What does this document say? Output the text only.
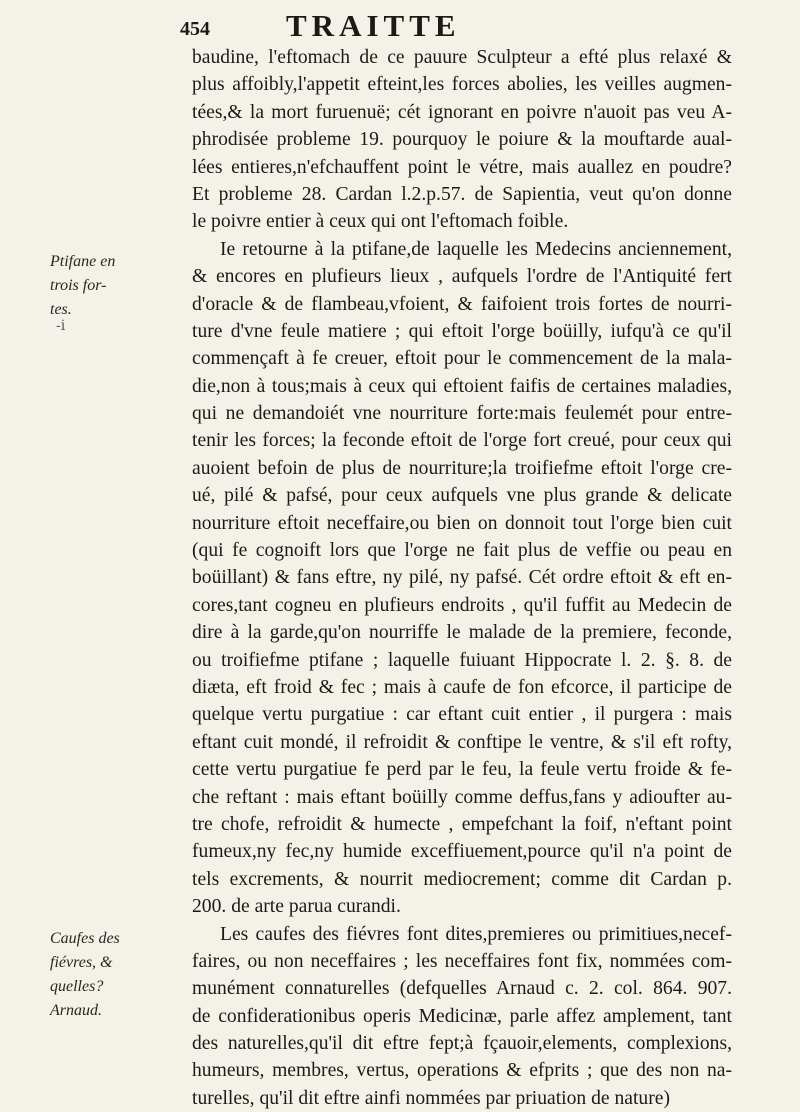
454 TRAITTE
-i
Ptifane en
trois for-
tes.
Caufes des
fiévres, &
quelles?
Arnaud.
baudine, l'eftomach de ce pauure Sculpteur a efté plus relaxé &
plus affoibly,l'appetit efteint,les forces abolies, les veilles augmen-
tées,& la mort furuenuë; cét ignorant en poivre n'auoit pas veu A-
phrodisée probleme 19. pourquoy le poiure & la mouftarde aual-
lées entieres,n'efchauffent point le vétre, mais auallez en poudre?
Et probleme 28. Cardan l.2.p.57. de Sapientia, veut qu'on donne
le poivre entier à ceux qui ont l'eftomach foible.
Ie retourne à la ptifane,de laquelle les Medecins anciennement,
& encores en plufieurs lieux , aufquels l'ordre de l'Antiquité fert
d'oracle & de flambeau,vfoient, & faifoient trois fortes de nourri-
ture d'vne feule matiere ; qui eftoit l'orge boüilly, iufqu'à ce qu'il
commençaft à fe creuer, eftoit pour le commencement de la mala-
die,non à tous;mais à ceux qui eftoient faifis de certaines maladies,
qui ne demandoiét vne nourriture forte:mais feulemét pour entre-
tenir les forces; la feconde eftoit de l'orge fort creué, pour ceux qui
auoient befoin de plus de nourriture;la troifiefme eftoit l'orge cre-
ué, pilé & pafsé, pour ceux aufquels vne plus grande & delicate
nourriture eftoit neceffaire,ou bien on donnoit tout l'orge bien cuit
(qui fe cognoift lors que l'orge ne fait plus de veffie ou peau en
boüillant) & fans eftre, ny pilé, ny pafsé. Cét ordre eftoit & eft en-
cores,tant cogneu en plufieurs endroits , qu'il fuffit au Medecin de
dire à la garde,qu'on nourriffe le malade de la premiere, feconde,
ou troifiefme ptifane ; laquelle fuiuant Hippocrate l. 2. §. 8. de
diæta, eft froid & fec ; mais à caufe de fon efcorce, il participe de
quelque vertu purgatiue : car eftant cuit entier , il purgera : mais
eftant cuit mondé, il refroidit & conftipe le ventre, & s'il eft rofty,
cette vertu purgatiue fe perd par le feu, la feule vertu froide & fe-
che reftant : mais eftant boüilly comme deffus,fans y adioufter au-
tre chofe, refroidit & humecte , empefchant la foif, n'eftant point
fumeux,ny fec,ny humide exceffiuement,pource qu'il n'a point de
tels excrements, & nourrit mediocrement; comme dit Cardan p.
200. de arte parua curandi.
Les caufes des fiévres font dites,premieres ou primitiues,necef-
faires, ou non neceffaires ; les neceffaires font fix, nommées com-
munément connaturelles (defquelles Arnaud c. 2. col. 864. 907.
de confiderationibus operis Medicinæ, parle affez amplement, tant
des naturelles,qu'il dit eftre fept;à fçauoir,elements, complexions,
humeurs, membres, vertus, operations & efprits ; que des non na-
turelles, qu'il dit eftre ainfi nommées par priuation de nature)
